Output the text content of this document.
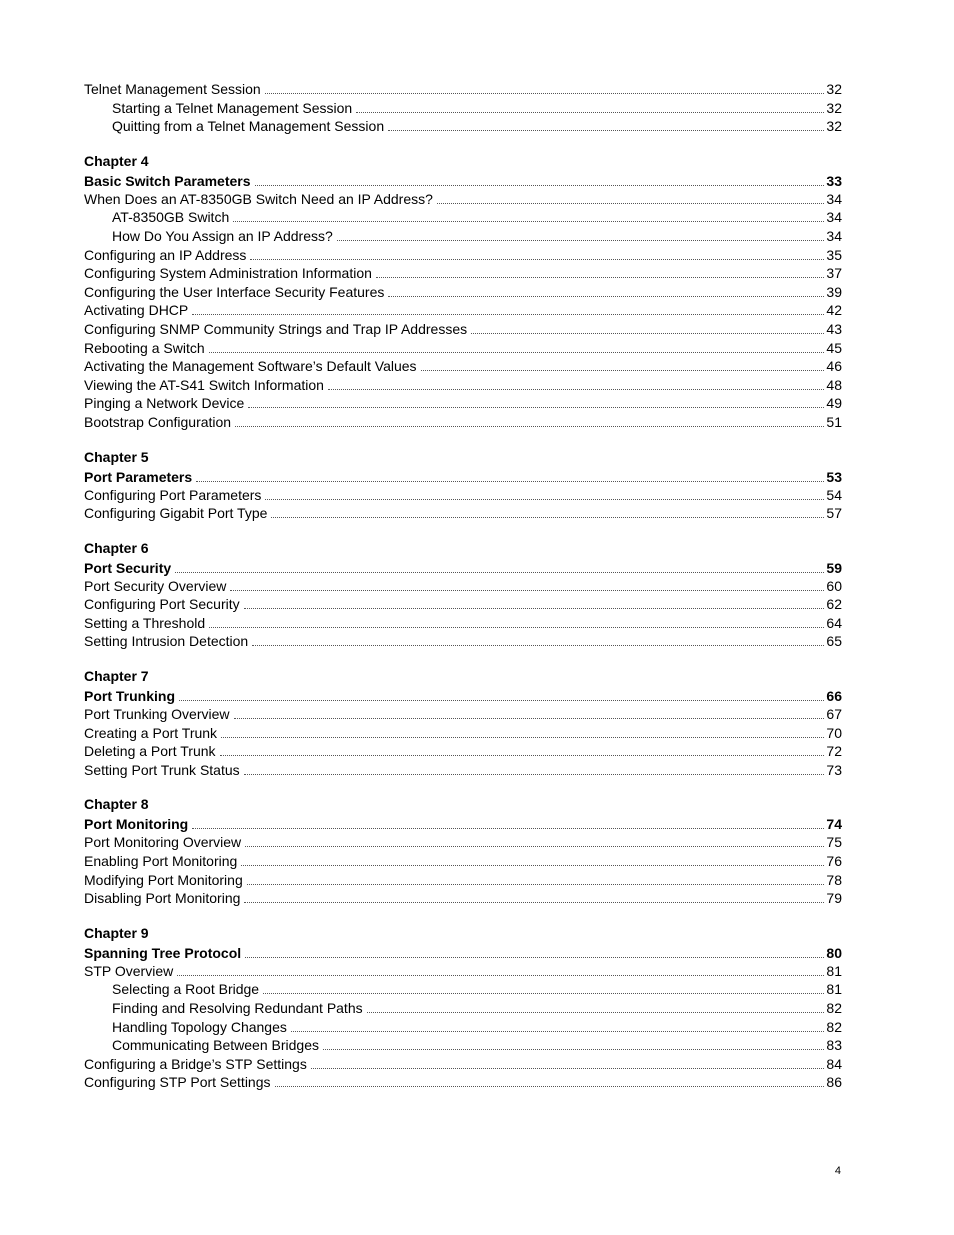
Telnet Management Session	32
Starting a Telnet Management Session	32
Quitting from a Telnet Management Session	32
Chapter 4
Basic Switch Parameters	33
When Does an AT-8350GB Switch Need an IP Address?	34
AT-8350GB Switch	34
How Do You Assign an IP Address?	34
Configuring an IP Address	35
Configuring System Administration Information	37
Configuring the User Interface Security Features	39
Activating DHCP	42
Configuring SNMP Community Strings and Trap IP Addresses	43
Rebooting a Switch	45
Activating the Management Software’s Default Values	46
Viewing the AT-S41 Switch Information	48
Pinging a Network Device	49
Bootstrap Configuration	51
Chapter 5
Port Parameters	53
Configuring Port Parameters	54
Configuring Gigabit Port Type	57
Chapter 6
Port Security	59
Port Security Overview	60
Configuring Port Security	62
Setting a Threshold	64
Setting Intrusion Detection	65
Chapter 7
Port Trunking	66
Port Trunking Overview	67
Creating a Port Trunk	70
Deleting a Port Trunk	72
Setting Port Trunk Status	73
Chapter 8
Port Monitoring	74
Port Monitoring Overview	75
Enabling Port Monitoring	76
Modifying Port Monitoring	78
Disabling Port Monitoring	79
Chapter 9
Spanning Tree Protocol	80
STP Overview	81
Selecting a Root Bridge	81
Finding and Resolving Redundant Paths	82
Handling Topology Changes	82
Communicating Between Bridges	83
Configuring a Bridge’s STP Settings	84
Configuring STP Port Settings	86
4
